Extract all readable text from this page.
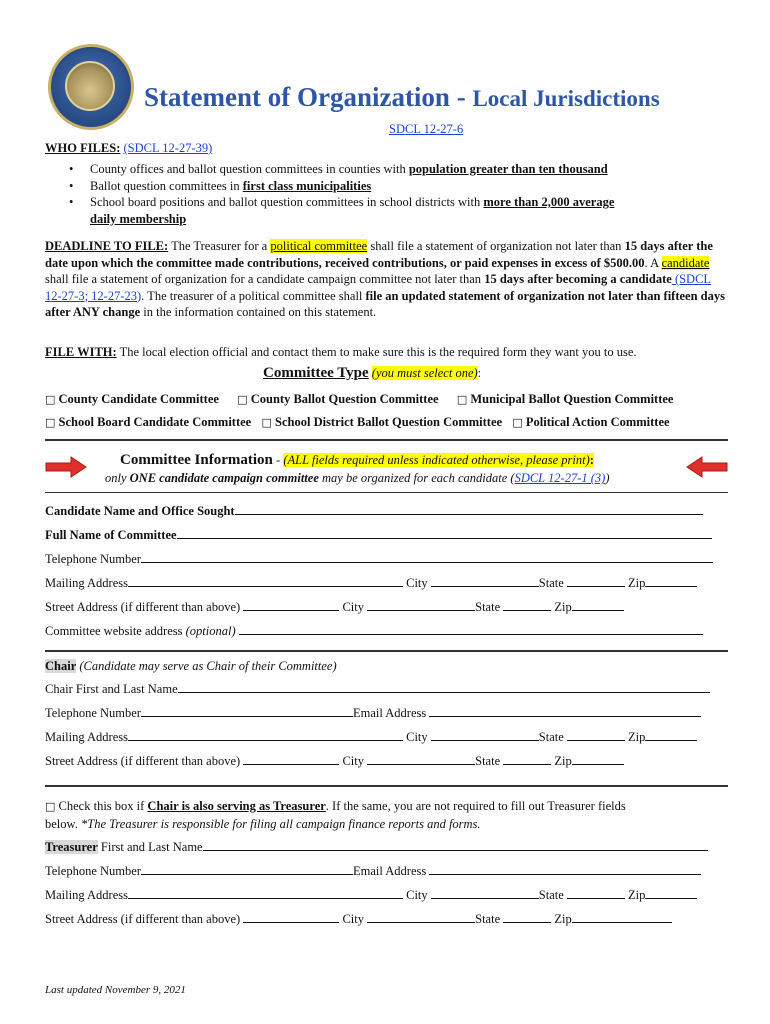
Statement of Organization - Local Jurisdictions
SDCL 12-27-6
WHO FILES: (SDCL 12-27-39)
• County offices and ballot question committees in counties with population greater than ten thousand
• Ballot question committees in first class municipalities
• School board positions and ballot question committees in school districts with more than 2,000 average
daily membership
DEADLINE TO FILE: The Treasurer for a political committee shall file a statement of organization not later than 15 days after the date upon which the committee made contributions, received contributions, or paid expenses in excess of $500.00. A candidate shall file a statement of organization for a candidate campaign committee not later than 15 days after becoming a candidate (SDCL 12-27-3; 12-27-23). The treasurer of a political committee shall file an updated statement of organization not later than fifteen days after ANY change in the information contained on this statement.
FILE WITH: The local election official and contact them to make sure this is the required form they want you to use.
Committee Type (you must select one):
□ County Candidate Committee □ County Ballot Question Committee □ Municipal Ballot Question Committee
□ School Board Candidate Committee □ School District Ballot Question Committee □ Political Action Committee
Committee Information - (ALL fields required unless indicated otherwise, please print):
only ONE candidate campaign committee may be organized for each candidate (SDCL 12-27-1 (3))
Candidate Name and Office Sought
Full Name of Committee
Telephone Number
Mailing Address	City	State	Zip
Street Address (if different than above)	City	State	Zip
Committee website address (optional)
Chair (Candidate may serve as Chair of their Committee)
Chair First and Last Name
Telephone Number	Email Address
Mailing Address	City	State	Zip
Street Address (if different than above)	City	State	Zip
□ Check this box if Chair is also serving as Treasurer. If the same, you are not required to fill out Treasurer fields
below. *The Treasurer is responsible for filing all campaign finance reports and forms.
Treasurer First and Last Name
Telephone Number	Email Address
Mailing Address	City	State	Zip
Street Address (if different than above)	City	State	Zip
Last updated November 9, 2021
